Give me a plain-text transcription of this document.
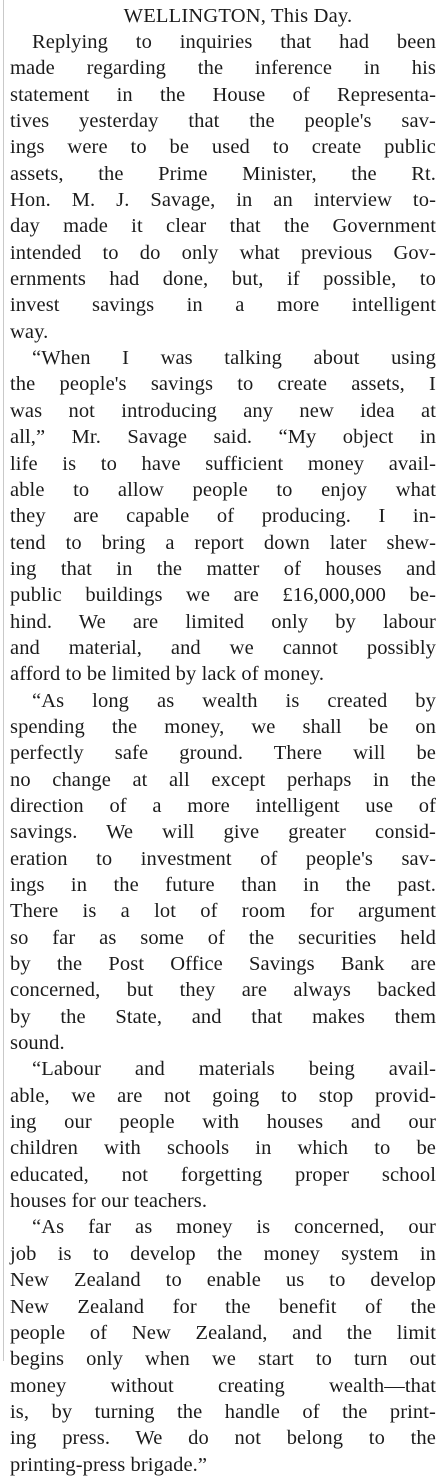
WELLINGTON, This Day.
Replying to inquiries that had been
made regarding the inference in his
statement in the House of Representa-
tives yesterday that the people's sav-
ings were to be used to create public
assets, the Prime Minister, the Rt.
Hon. M. J. Savage, in an interview to-
day made it clear that the Government
intended to do only what previous Gov-
ernments had done, but, if possible, to
invest savings in a more intelligent
way.
“When I was talking about using
the people's savings to create assets, I
was not introducing any new idea at
all,” Mr. Savage said. “My object in
life is to have sufficient money avail-
able to allow people to enjoy what
they are capable of producing. I in-
tend to bring a report down later shew-
ing that in the matter of houses and
public buildings we are £16,000,000 be-
hind. We are limited only by labour
and material, and we cannot possibly
afford to be limited by lack of money.
“As long as wealth is created by
spending the money, we shall be on
perfectly safe ground. There will be
no change at all except perhaps in the
direction of a more intelligent use of
savings. We will give greater consid-
eration to investment of people's sav-
ings in the future than in the past.
There is a lot of room for argument
so far as some of the securities held
by the Post Office Savings Bank are
concerned, but they are always backed
by the State, and that makes them
sound.
“Labour and materials being avail-
able, we are not going to stop provid-
ing our people with houses and our
children with schools in which to be
educated, not forgetting proper school
houses for our teachers.
“As far as money is concerned, our
job is to develop the money system in
New Zealand to enable us to develop
New Zealand for the benefit of the
people of New Zealand, and the limit
begins only when we start to turn out
money without creating wealth—that
is, by turning the handle of the print-
ing press. We do not belong to the
printing-press brigade.”
